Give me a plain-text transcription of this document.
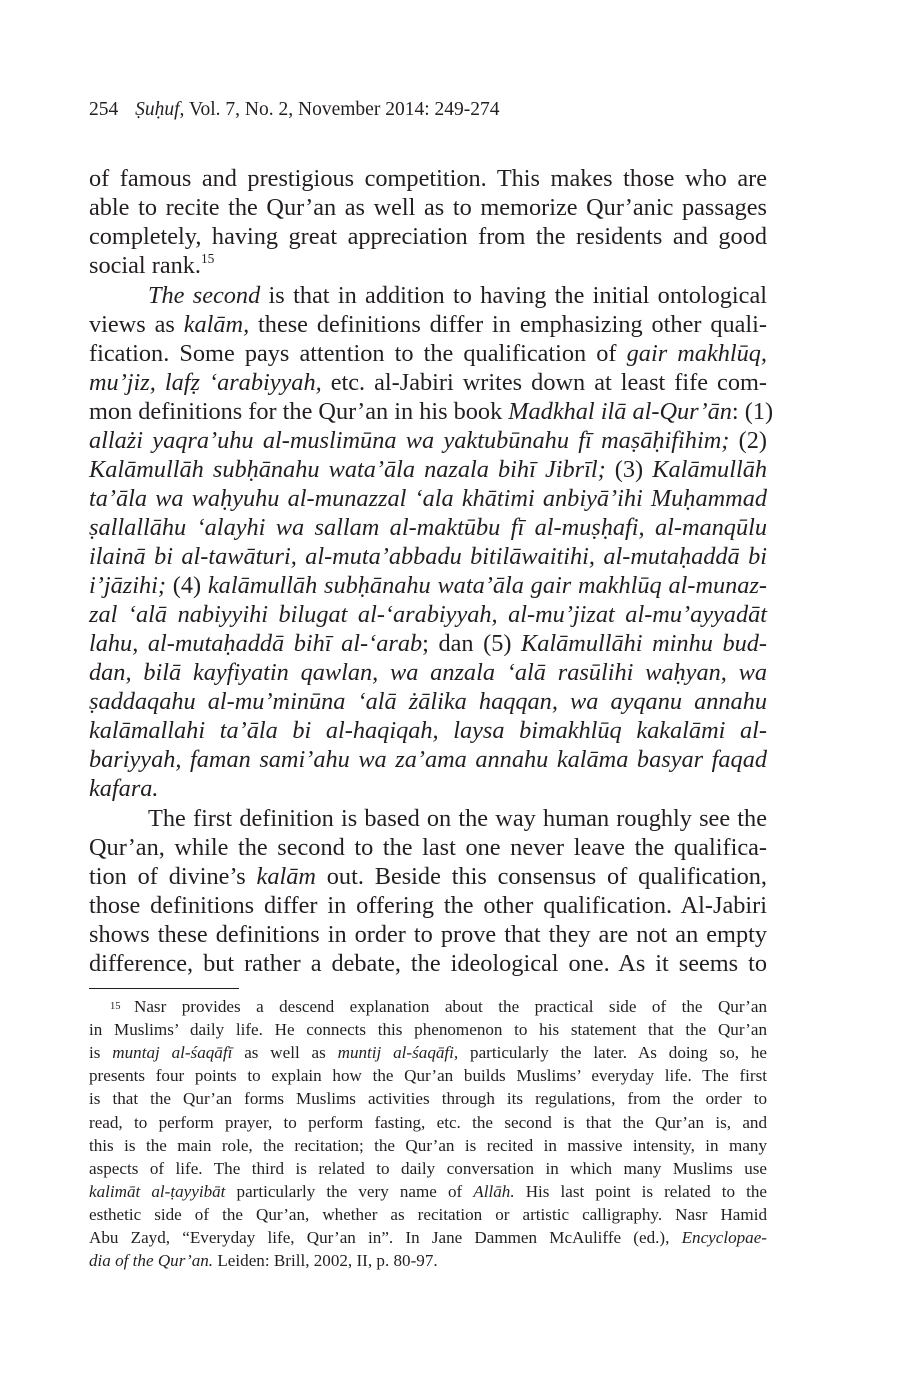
254 Ṣuḥuf, Vol. 7, No. 2, November 2014: 249-274
of famous and prestigious competition. This makes those who are
able to recite the Qur’an as well as to memorize Qur’anic passages
completely, having great appreciation from the residents and good
social rank.$^{15}$
The second is that in addition to having the initial ontological
views as kalām, these definitions differ in emphasizing other quali-
fication. Some pays attention to the qualification of gair makhlūq,
mu’jiz, lafẓ ‘arabiyyah, etc. al-Jabiri writes down at least fife com-
mon definitions for the Qur’an in his book Madkhal ilā al-Qur’ān: (1)
allażi yaqra’uhu al-muslimūna wa yaktubūnahu fī maṣāḥifihim; (2)
Kalāmullāh subḥānahu wata’āla nazala bihī Jibrīl; (3) Kalāmullāh
ta’āla wa waḥyuhu al-munazzal ‘ala khātimi anbiyā’ihi Muḥammad
ṣallallāhu ‘alayhi wa sallam al-maktūbu fī al-muṣḥafi, al-manqūlu
ilainā bi al-tawāturi, al-muta’abbadu bitilāwaitihi, al-mutaḥaddā bi
i’jāzihi; (4) kalāmullāh subḥānahu wata’āla gair makhlūq al-munaz-
zal ‘alā nabiyyihi bilugat al-‘arabiyyah, al-mu’jizat al-mu’ayyadāt
lahu, al-mutaḥaddā bihī al-‘arab; dan (5) Kalāmullāhi minhu bud-
dan, bilā kayfiyatin qawlan, wa anzala ‘alā rasūlihi waḥyan, wa
ṣaddaqahu al-mu’minūna ‘alā żālika haqqan, wa ayqanu annahu
kalāmallahi ta’āla bi al-haqiqah, laysa bimakhlūq kakalāmi al-
bariyyah, faman sami’ahu wa za’ama annahu kalāma basyar faqad
kafara.
The first definition is based on the way human roughly see the
Qur’an, while the second to the last one never leave the qualifica-
tion of divine’s kalām out. Beside this consensus of qualification,
those definitions differ in offering the other qualification. Al-Jabiri
shows these definitions in order to prove that they are not an empty
difference, but rather a debate, the ideological one. As it seems to
15 Nasr provides a descend explanation about the practical side of the Qur’an
in Muslims’ daily life. He connects this phenomenon to his statement that the Qur’an
is muntaj al-śaqāfī as well as muntij al-śaqāfi, particularly the later. As doing so, he
presents four points to explain how the Qur’an builds Muslims’ everyday life. The first
is that the Qur’an forms Muslims activities through its regulations, from the order to
read, to perform prayer, to perform fasting, etc. the second is that the Qur’an is, and
this is the main role, the recitation; the Qur’an is recited in massive intensity, in many
aspects of life. The third is related to daily conversation in which many Muslims use
kalimāt al-ṭayyibāt particularly the very name of Allāh. His last point is related to the
esthetic side of the Qur’an, whether as recitation or artistic calligraphy. Nasr Hamid
Abu Zayd, “Everyday life, Qur’an in”. In Jane Dammen McAuliffe (ed.), Encyclopae-
dia of the Qur’an. Leiden: Brill, 2002, II, p. 80-97.
